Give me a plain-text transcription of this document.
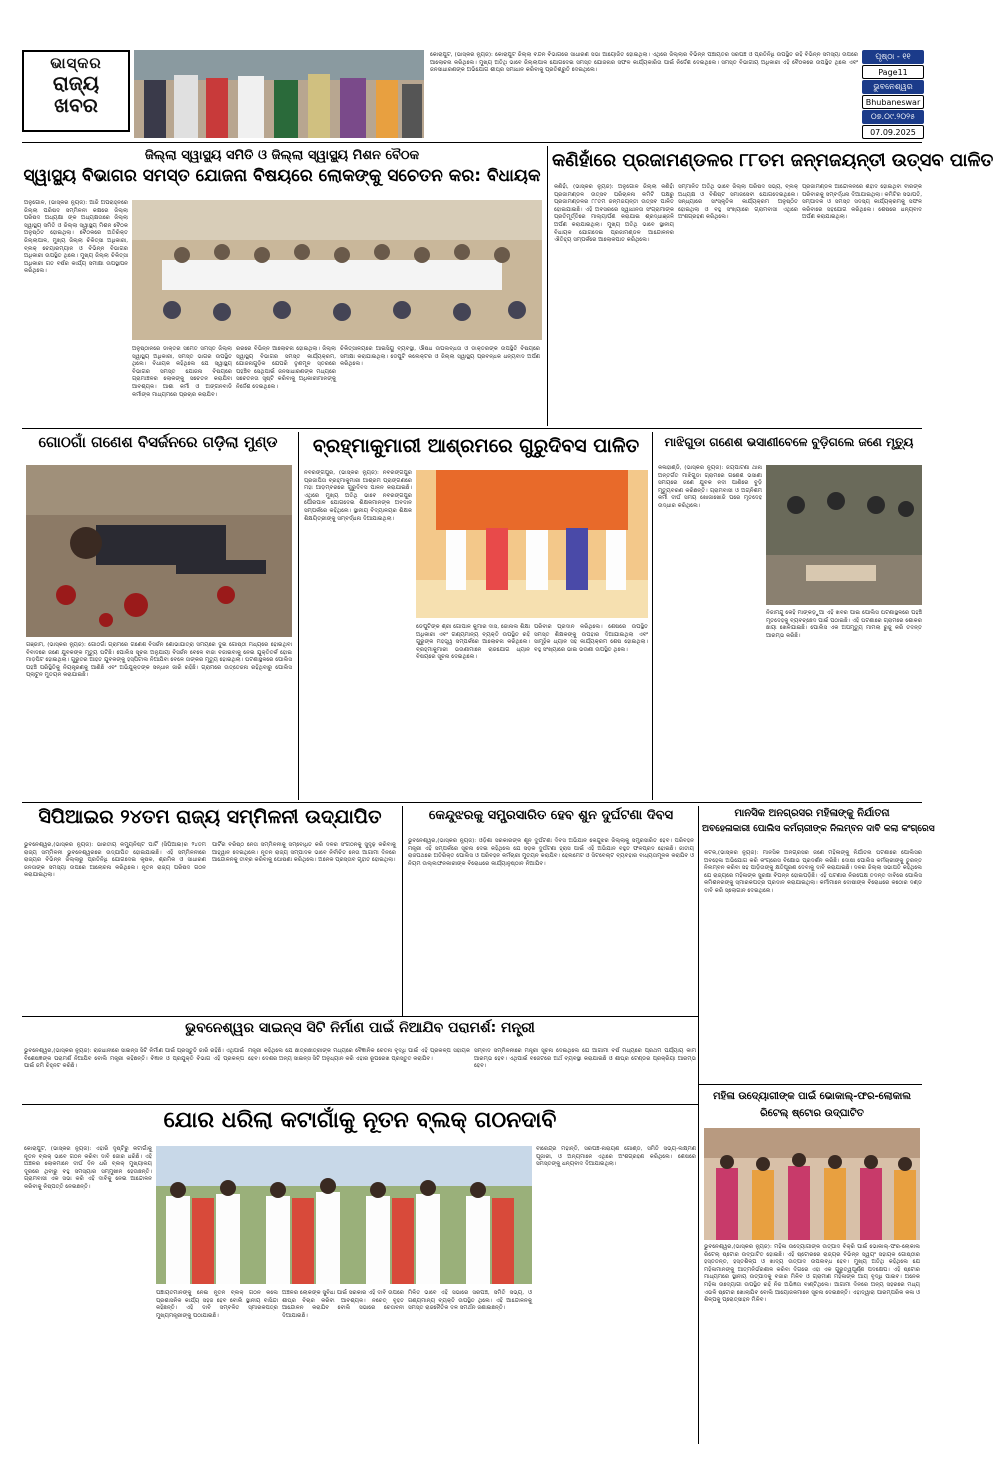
ଭାସ୍କର
ରାଜ୍ୟ
ଖବର
କୋରାପୁଟ, (ଭାସ୍କର ନ୍ୟୁଜ): କୋରାପୁଟ ଜିଲ୍ଲା ବନ୍ଦନ ବିଭାଗରେ ସାଧାରଣ ସଭା ଆୟୋଜିତ ହୋଇଥିଲା। ଏଥିରେ ଜିଲ୍ଲାର ବିଭିନ୍ନ ପଞ୍ଚାୟତର ସରପଞ୍ଚ ଓ ପ୍ରତିନିଧି ଉପସ୍ଥିତ ରହି ବିଭିନ୍ନ ସମସ୍ୟା ଉପରେ ଆଲୋଚନା କରିଥିଲେ। ମୁଖ୍ୟ ଅତିଥି ଭାବେ ଜିଲ୍ଲାପାଳ ଯୋଗଦେଇ ସମସ୍ତ ଯୋଜନାର ସଫଳ କାର୍ଯ୍ୟକାରିତା ପାଇଁ ନିର୍ଦ୍ଦେଶ ଦେଇଥିଲେ। ସମସ୍ତ ବିଭାଗୀୟ ଅଧିକାରୀ ଏହି ବୈଠକରେ ଉପସ୍ଥିତ ଥିଲେ ଏବଂ ଜନସାଧାରଣଙ୍କ ଅଭିଯୋଗ ଶୀଘ୍ର ସମାଧାନ କରିବାକୁ ପ୍ରତିଶ୍ରୁତି ଦେଇଥିଲେ।
ପୃଷ୍ଠା - ୧୧
Page11
ଭୁବନେଶ୍ୱର
Bhubaneswar
୦୭.୦୯.୨୦୨୫
07.09.2025
ଜିଲ୍ଲା ସ୍ୱାସ୍ଥ୍ୟ ସମିତି ଓ ଜିଲ୍ଲା ସ୍ୱାସ୍ଥ୍ୟ ମିଶନ ବୈଠକ
ସ୍ୱାସ୍ଥ୍ୟ ବିଭାଗର ସମସ୍ତ ଯୋଜନା ବିଷୟରେ ଲୋକଙ୍କୁ ସଚେତନ କର: ବିଧାୟକ
ଅନୁଗୋଳ, (ଭାସ୍କର ନ୍ୟୁଜ): ଆଜି ଅପରାହ୍ନରେ ଜିଲ୍ଲା ପରିଷଦ ସମ୍ମିଳନୀ କକ୍ଷରେ ଜିଲ୍ଲା ପରିଷଦ ଅଧ୍ୟକ୍ଷା ଙ୍କ ଅଧ୍ୟକ୍ଷତାରେ ଜିଲ୍ଲା ସ୍ୱାସ୍ଥ୍ୟ ସମିତି ଓ ଜିଲ୍ଲା ସ୍ୱାସ୍ଥ୍ୟ ମିଶନ ବୈଠକ ଅନୁଷ୍ଠିତ ହୋଇଥିଲା। ବୈଠକରେ ଅତିରିକ୍ତ ଜିଲ୍ଲାପାଳ, ମୁଖ୍ୟ ଜିଲ୍ଲା ଚିକିତ୍ସା ଅଧିକାରୀ, ବ୍ଲକ୍ ଚେୟାରମ୍ୟାନ ଓ ବିଭିନ୍ନ ବିଭାଗର ଅଧିକାରୀ ଉପସ୍ଥିତ ଥିଲେ। ମୁଖ୍ୟ ଜିଲ୍ଲା ଚିକିତ୍ସା ଅଧିକାରୀ ଗତ ବର୍ଷର କାର୍ଯ୍ୟ ସମୀକ୍ଷା ଉପସ୍ଥାପନ କରିଥିଲେ।
ଅନୁଷ୍ଠାନରେ ଡାକ୍ତର ସମେତ ସମସ୍ତ ଜିଲ୍ଲା ସ୍ୱାସ୍ଥ୍ୟ ଅଧିକାରୀ, ସମସ୍ତ ଭାଗର ଉପସ୍ଥିତ ଥିଲେ। ବିଧାୟକ କହିଥିଲେ ଯେ ସ୍ୱାସ୍ଥ୍ୟ ବିଭାଗର ସମସ୍ତ ଯୋଜନା ବିଷୟରେ ଗ୍ରାମାଞ୍ଚଳର ଲୋକଙ୍କୁ ସଚେତନ କରାଯିବା ଆବଶ୍ୟକ। ଆଶା କର୍ମୀ ଓ ଅଙ୍ଗନବାଡି କର୍ମୀଙ୍କ ମାଧ୍ୟମରେ ପ୍ରଚାର କରାଯିବ।
ରରରେ ବିଭିନ୍ନ ଆଲୋଚନା ହୋଇଥିଲା। ଜିଲ୍ଲା ସ୍ୱାସ୍ଥ୍ୟ ବିଭାଗର ସମସ୍ତ କାର୍ଯ୍ୟକ୍ରମ, ଯୋଜନାଗୁଡ଼ିକ ଯେପରି ତୃଣମୂଳ ସ୍ତରରେ ପହଞ୍ଚିବ ସେଥିପାଇଁ ଜନସାଧାରଣଙ୍କ ମଧ୍ୟରେ ସଚେତନତା ସୃଷ୍ଟି କରିବାକୁ ଅଧିକାରୀମାନଙ୍କୁ ନିର୍ଦ୍ଦେଶ ଦେଇଥିଲେ।
ଚିକିତ୍ସାଳୟରେ ଆଇସିୟୁ ବ୍ୟବସ୍ଥା, ଔଷଧ ଉପଲବ୍ଧତା ଓ ଡାକ୍ତରଙ୍କ ଉପସ୍ଥିତି ବିଷୟରେ ସମୀକ୍ଷା କରାଯାଇଥିଲା। ଡେପୁଟି କଲେକ୍ଟର ଓ ଜିଲ୍ଲା ସ୍ୱାସ୍ଥ୍ୟ ପ୍ରବନ୍ଧକ ଧନ୍ୟବାଦ ଅର୍ପଣ କରିଥିଲେ।
କଣିହାଁରେ ପ୍ରଜାମଣ୍ଡଳର ୮୮ତମ ଜନ୍ମଜୟନ୍ତୀ ଉତ୍ସବ ପାଳିତ
କଣିହାଁ, (ଭାସ୍କର ନ୍ୟୁଜ): ଅନୁଗୋଳ ଜିଲ୍ଲା କଣିହାଁ ପ୍ରଜାମଣ୍ଡଳ ଉତ୍ସବ ପରିଚାଳନା କମିଟି ପକ୍ଷରୁ ପ୍ରଜାମଣ୍ଡଳର ୮୮ତମ ଜନ୍ମଜୟନ୍ତୀ ଉତ୍ସବ ପାଳିତ ହୋଇଯାଇଛି। ଏହି ଅବସରରେ ସ୍ୱାଧୀନତା ସଂଗ୍ରାମୀଙ୍କ ପ୍ରତିମୂର୍ତ୍ତିରେ ମାଲ୍ୟାର୍ପଣ କରାଯାଇ ଶ୍ରଦ୍ଧାଞ୍ଜଳି ଅର୍ପଣ କରାଯାଇଥିଲା। ମୁଖ୍ୟ ଅତିଥି ଭାବେ ସ୍ଥାନୀୟ ବିଧାୟକ ଯୋଗଦେଇ ପ୍ରଜାମଣ୍ଡଳ ଆନ୍ଦୋଳନର ଐତିହ୍ୟ ସମ୍ପର୍କରେ ଆଲୋକପାତ କରିଥିଲେ।
ସମ୍ମାନିତ ଅତିଥି ଭାବେ ଜିଲ୍ଲା ପରିଷଦ ସଭ୍ୟ, ବ୍ଲକ୍ ଅଧ୍ୟକ୍ଷ ଓ ବିଶିଷ୍ଟ ସମାଜସେବୀ ଯୋଗଦେଇଥିଲେ। ସନ୍ଧ୍ୟାରେ ସାଂସ୍କୃତିକ କାର୍ଯ୍ୟକ୍ରମ ଅନୁଷ୍ଠିତ ହୋଇଥିଲା ଓ ବହୁ ସଂଖ୍ୟାରେ ଗ୍ରାମବାସୀ ଏଥିରେ ଅଂଶଗ୍ରହଣ କରିଥିଲେ।
ପ୍ରଜାମଣ୍ଡଳ ଆନ୍ଦୋଳନରେ ଶହୀଦ ହୋଇଥିବା ବୀରଙ୍କ ପରିବାରକୁ ସମ୍ବର୍ଦ୍ଧନା ଦିଆଯାଇଥିଲା। କମିଟିର ସଭାପତି, ସମ୍ପାଦକ ଓ ସମସ୍ତ ସଦସ୍ୟ କାର୍ଯ୍ୟକ୍ରମକୁ ସଫଳ କରିବାରେ ସହଯୋଗ କରିଥିଲେ। ଶେଷରେ ଧନ୍ୟବାଦ ଅର୍ପଣ କରାଯାଇଥିଲା।
ଗୋଠଗାଁ ଗଣେଶ ବିସର୍ଜନରେ ଗଡ଼ିଲା ମୁଣ୍ଡ
ଗଞ୍ଜାମ, (ଭାସ୍କର ନ୍ୟୁଜ): ଗୋଠଗାଁ ଗ୍ରାମରେ ଗଣେଶ ବିସର୍ଜନ ଶୋଭାଯାତ୍ରା ସମୟରେ ଦୁଇ ଗୋଷ୍ଠୀ ମଧ୍ୟରେ ହୋଇଥିବା ବିବାଦରେ ଜଣେ ଯୁବକଙ୍କ ମୃତ୍ୟୁ ଘଟିଛି। ପୋଲିସ ସୂଚନା ଅନୁଯାୟୀ ବିସର୍ଜନ ବେଳେ ବାଜା ବଜାଇବାକୁ ନେଇ ଯୁକ୍ତିତର୍କ ହୋଇ ମାଡ଼ପିଟ ହୋଇଥିଲା। ଗୁରୁତର ଆହତ ଯୁବକଙ୍କୁ ହସ୍ପିଟାଲ ନିଆଯିବା ବେଳେ ତାଙ୍କର ମୃତ୍ୟୁ ହୋଇଥିଲା। ଘଟଣାସ୍ଥଳରେ ପୋଲିସ ପହଞ୍ଚି ପରିସ୍ଥିତିକୁ ନିୟନ୍ତ୍ରଣକୁ ଆଣିଛି ଏବଂ ଅଭିଯୁକ୍ତଙ୍କ ସନ୍ଧାନ ଜାରି ରହିଛି। ଗ୍ରାମରେ ଉତ୍ତେଜନା ରହିଥିବାରୁ ପୋଲିସ ପ୍ଲାଟୁନ ମୁତୟନ କରାଯାଇଛି।
ବ୍ରହ୍ମାକୁମାରୀ ଆଶ୍ରମରେ ଗୁରୁଦିବସ ପାଳିତ
ନବରଙ୍ଗପୁର, (ଭାସ୍କର ନ୍ୟୁଜ): ନବରଙ୍ଗପୁର ପ୍ରଜାପିତା ବ୍ରହ୍ମାକୁମାରୀ ଆଶ୍ରମ ପ୍ରାଙ୍ଗଣରେ ମହା ଆଡ଼ମ୍ବରରେ ଗୁରୁଦିବସ ପାଳନ କରାଯାଇଛି। ଏଥିରେ ମୁଖ୍ୟ ଅତିଥି ଭାବେ ନବରଙ୍ଗପୁର ପୌରପାଳ ଯୋଗଦେଇ ଶିକ୍ଷକମାନଙ୍କ ଅବଦାନ ସମ୍ପର୍କରେ କହିଥିଲେ। ସ୍ଥାନୀୟ ବିଦ୍ୟାଳୟର ଶିକ୍ଷକ ଶିକ୍ଷୟିତ୍ରୀଙ୍କୁ ସମ୍ବର୍ଦ୍ଧନା ଦିଆଯାଇଥିଲା।
ଡେପୁଟିଙ୍କ ଶ୍ରୀ ଗୋପାଳ କୁମାର ଦାସ, ଜୋନାଲ ଶିକ୍ଷା ଅଧିକାରୀ ଏବଂ ଗଣ୍ୟମାନ୍ୟ ବ୍ୟକ୍ତି ଉପସ୍ଥିତ ରହି ଗୁରୁଙ୍କ ମହତ୍ତ୍ୱ ସମ୍ପର୍କରେ ଆଲୋଚନା କରିଥିଲେ। ବ୍ରହ୍ମାକୁମାରୀ ଭଉଣୀମାନେ ରାଜଯୋଗ ଧ୍ୟାନ ବିଷୟରେ ସୂଚନା ଦେଇଥିଲେ।
ପରିବାର ପ୍ରଦାନ କରିଥିଲେ। ଶେଷରେ ଉପସ୍ଥିତ ସମସ୍ତ ଶିକ୍ଷକଙ୍କୁ ଉପହାର ଦିଆଯାଇଥିଲା ଏବଂ ସାମୂହିକ ଧ୍ୟାନ ସହ କାର୍ଯ୍ୟକ୍ରମ ଶେଷ ହୋଇଥିଲା। ବହୁ ସଂଖ୍ୟାରେ ଭାଇ ଭଉଣୀ ଉପସ୍ଥିତ ଥିଲେ।
ମାଝିଗୁଡା ଗଣେଶ ଭସାଣୀବେଳେ ବୁଡ଼ିଗଲେ ଜଣେ ମୃତ୍ୟୁ
କଳାହାଣ୍ଡି, (ଭାସ୍କର ନ୍ୟୁଜ): ଜୟପାଟଣା ଥାନା ଅନ୍ତର୍ଗତ ମାଝିଗୁଡା ଗ୍ରାମରେ ଗଣେଶ ଭସାଣୀ ସମୟରେ ଜଣେ ଯୁବକ ନଦୀ ପାଣିରେ ବୁଡ଼ି ମୃତ୍ୟୁବରଣ କରିଛନ୍ତି। ଗ୍ରାମବାସୀ ଓ ଅଗ୍ନିଶମ କର୍ମୀ ଦୀର୍ଘ ସମୟ ଖୋଜାଖୋଜି ପରେ ମୃତଦେହ ଉଦ୍ଧାର କରିଥିଲେ।
ନିଜାମନ୍ଦୁ କେହି ମାଙ୍କଡ଼ୁଆ ଏହି ଖବର ପାଇ ପୋଲିସ ଘଟଣାସ୍ଥଳରେ ପହଞ୍ଚି ମୃତଦେହକୁ ବ୍ୟବଚ୍ଛେଦ ପାଇଁ ପଠାଇଛି। ଏହି ଘଟଣାରେ ଗ୍ରାମରେ ଶୋକର ଛାୟା ଖେଳିଯାଇଛି। ପୋଲିସ ଏକ ଅପମୃତ୍ୟୁ ମାମଲା ରୁଜୁ କରି ତଦନ୍ତ ଆରମ୍ଭ କରିଛି।
ସିପିଆଇର ୨୪ତମ ରାଜ୍ୟ ସମ୍ମିଳନୀ ଉଦ୍‌ଯାପିତ
ଭୁବନେଶ୍ୱର,(ଭାସ୍କର ନ୍ୟୁଜ): ଭାରତୀୟ କମ୍ୟୁନିଷ୍ଟ ପାର୍ଟି (ସିପିଆଇ)ର ୨୪ତମ ରାଜ୍ୟ ସମ୍ମିଳନୀ ଭୁବନେଶ୍ୱରରେ ଉଦ୍‌ଯାପିତ ହୋଇଯାଇଛି। ଏହି ସମ୍ମିଳନୀରେ ରାଜ୍ୟର ବିଭିନ୍ନ ଜିଲ୍ଲାରୁ ପ୍ରତିନିଧି ଯୋଗଦେଇ କୃଷକ, ଶ୍ରମିକ ଓ ସାଧାରଣ ଜନତାଙ୍କ ସମସ୍ୟା ଉପରେ ଆଲୋଚନା କରିଥିଲେ। ନୂତନ ରାଜ୍ୟ ପରିଷଦ ଗଠନ କରାଯାଇଥିଲା।
ପାର୍ଟିର ବରିଷ୍ଠ ନେତା ସମ୍ମିଳନୀକୁ ସମ୍ବୋଧିତ କରି ଦଳର ସଂଗଠନକୁ ସୁଦୃଢ଼ କରିବାକୁ ଆହ୍ୱାନ ଦେଇଥିଲେ। ନୂତନ ରାଜ୍ୟ ସମ୍ପାଦକ ଭାବେ ନିର୍ବାଚିତ ନେତା ଆଗାମୀ ଦିନରେ ଆନ୍ଦୋଳନକୁ ତୀବ୍ର କରିବାକୁ ଘୋଷଣା କରିଥିଲେ। ଅନେକ ପ୍ରସ୍ତାବ ଗୃହୀତ ହୋଇଥିଲା।
କେନ୍ଦୁଝରକୁ ସମ୍ପ୍ରସାରିତ ହେବ ଶୁନ ଦୁର୍ଘଟଣା ଦିବସ
ଭୁବନେଶ୍ୱର,(ଭାସ୍କର ନ୍ୟୁଜ): ଓଡ଼ିଶା ସରକାରଙ୍କ ଶୂନ ଦୁର୍ଘଟଣା ଦିବସ ଅଭିଯାନ କେନ୍ଦୁଝର ଜିଲ୍ଲାକୁ ସମ୍ପ୍ରସାରିତ ହେବ। ପରିବହନ ମନ୍ତ୍ରୀ ଏହି ସମ୍ପର୍କରେ ସୂଚନା ଦେଇ କହିଥିଲେ ଯେ ସଡ଼କ ଦୁର୍ଘଟଣା ହ୍ରାସ ପାଇଁ ଏହି ଅଭିଯାନ ବହୁତ ଫଳପ୍ରଦ ହୋଇଛି। ଜାତୀୟ ରାଜପଥରେ ଅତିରିକ୍ତ ପୋଲିସ ଓ ପରିବହନ କର୍ମଚାରୀ ମୁତୟନ କରାଯିବ। ହେଲମେଟ ଓ ସିଟବେଲ୍ଟ ବ୍ୟବହାର ବାଧ୍ୟତାମୂଳକ କରାଯିବ ଓ ନିୟମ ଉଲ୍ଲଙ୍ଘନକାରୀଙ୍କ ବିରୋଧରେ କାର୍ଯ୍ୟାନୁଷ୍ଠାନ ନିଆଯିବ।
ମାନସିକ ଅନଗ୍ରସର ମହିଳାଙ୍କୁ ନିର୍ଯାତନା
ଅବହେଳାକାରୀ ପୋଲିସ କର୍ମଚାରୀଙ୍କ ନିଲମ୍ବନ ଦାବି କଲା କଂଗ୍ରେସ
କଟକ,(ଭାସ୍କର ନ୍ୟୁଜ): ମାନସିକ ଅନଗ୍ରସର ଜଣେ ମହିଳାଙ୍କୁ ନିର୍ଯାତନା ଘଟଣାରେ ପୋଲିସର ଅବହେଳା ଅଭିଯୋଗ କରି କଂଗ୍ରେସ ବିକ୍ଷୋଭ ପ୍ରଦର୍ଶନ କରିଛି। ଦୋଷୀ ପୋଲିସ କର୍ମଚାରୀଙ୍କୁ ତୁରନ୍ତ ନିଲମ୍ବନ କରିବା ସହ ପୀଡ଼ିତାଙ୍କୁ କ୍ଷତିପୂରଣ ଦେବାକୁ ଦାବି କରାଯାଇଛି। ଦଳର ଜିଲ୍ଲା ସଭାପତି କହିଥିଲେ ଯେ ରାଜ୍ୟରେ ମହିଳାଙ୍କ ସୁରକ୍ଷା ବିପନ୍ନ ହୋଇପଡ଼ିଛି। ଏହି ଘଟଣାର ନିରପେକ୍ଷ ତଦନ୍ତ ଦାବିରେ ପୋଲିସ କମିଶନରଙ୍କୁ ସ୍ମାରକପତ୍ର ପ୍ରଦାନ କରାଯାଇଥିଲା। କର୍ମୀମାନେ ଦୋଷୀଙ୍କ ବିରୋଧରେ କଠୋର ଦଣ୍ଡ ଦାବି କରି ସ୍ଲୋଗାନ ଦେଇଥିଲେ।
ଭୁବନେଶ୍ୱର ସାଇନ୍ସ ସିଟି ନିର୍ମାଣ ପାଇଁ ନିଆଯିବ ପରାମର୍ଶ: ମନ୍ତ୍ରୀ
ଭୁବନେଶ୍ୱର,(ଭାସ୍କର ନ୍ୟୁଜ): ରାଜଧାନୀରେ ସାଇନ୍ସ ସିଟି ନିର୍ମାଣ ପାଇଁ ପ୍ରସ୍ତୁତି ଜାରି ରହିଛି। ଏଥିପାଇଁ ବିଶେଷଜ୍ଞଙ୍କ ପରାମର୍ଶ ନିଆଯିବ ବୋଲି ମନ୍ତ୍ରୀ କହିଛନ୍ତି। ବିଜ୍ଞାନ ଓ ପ୍ରଯୁକ୍ତି ବିଭାଗ ଏହି ପ୍ରକଳ୍ପ ପାଇଁ ଜମି ଚିହ୍ନଟ କରିଛି।
ମନ୍ତ୍ରୀ କହିଥିଲେ ଯେ ଛାତ୍ରଛାତ୍ରୀଙ୍କ ମଧ୍ୟରେ ବୈଜ୍ଞାନିକ ଚେତନା ବୃଦ୍ଧି ପାଇଁ ଏହି ପ୍ରକଳ୍ପ ସହାୟକ ହେବ। ଦେଶର ଅନ୍ୟ ସାଇନ୍ସ ସିଟି ଅନୁଧ୍ୟାନ କରି ଏହାର ରୂପରେଖ ପ୍ରସ୍ତୁତ କରାଯିବ।
ସମ୍ବାଦ ସମ୍ମିଳନୀରେ ମନ୍ତ୍ରୀ ସୂଚନା ଦେଇଥିଲେ ଯେ ଆଗାମୀ ବର୍ଷ ମଧ୍ୟରେ ପ୍ରଥମ ପର୍ଯ୍ୟାୟ କାମ ଆରମ୍ଭ ହେବ। ଏଥିପାଇଁ ବଜେଟରେ ଅର୍ଥ ବ୍ୟବସ୍ଥା କରାଯାଇଛି ଓ ଶୀଘ୍ର ଟେଣ୍ଡର ପ୍ରକ୍ରିୟା ଆରମ୍ଭ ହେବ।
ମହିଳା ଉଦ୍ୟୋଗୀଙ୍କ ପାଇଁ ଭୋକାଲ୍-ଫର-ଲୋକାଲ ରିଟେଲ୍ ଷ୍ଟୋର ଉଦ୍‌ଘାଟିତ
ଭୁବନେଶ୍ୱର,(ଭାସ୍କର ନ୍ୟୁଜ): ମହିଳା ଉଦ୍ୟୋଗୀଙ୍କ ଉତ୍ପାଦ ବିକ୍ରି ପାଇଁ ଭୋକାଲ୍-ଫର-ଲୋକାଲ ରିଟେଲ୍ ଷ୍ଟୋର ଉଦ୍‌ଘାଟିତ ହୋଇଛି। ଏହି ଷ୍ଟୋରରେ ରାଜ୍ୟର ବିଭିନ୍ନ ସ୍ୱୟଂ ସହାୟକ ଗୋଷ୍ଠୀର ହସ୍ତତନ୍ତ, ହସ୍ତଶିଳ୍ପ ଓ ଖାଦ୍ୟ ଉତ୍ପାଦ ଉପଲବ୍ଧ ହେବ। ମୁଖ୍ୟ ଅତିଥି କହିଥିଲେ ଯେ ମହିଳାମାନଙ୍କୁ ଆତ୍ମନିର୍ଭରଶୀଳ କରିବା ଦିଗରେ ଏହା ଏକ ଗୁରୁତ୍ୱପୂର୍ଣ୍ଣ ପଦକ୍ଷେପ। ଏହି ଷ୍ଟୋର ମାଧ୍ୟମରେ ସ୍ଥାନୀୟ ଉତ୍ପାଦକୁ ବଜାର ମିଳିବ ଓ ଗ୍ରାମୀଣ ମହିଳାଙ୍କ ଆୟ ବୃଦ୍ଧି ପାଇବ। ଅନେକ ମହିଳା ଉଦ୍ୟୋଗୀ ଉପସ୍ଥିତ ରହି ନିଜ ଅଭିଜ୍ଞତା ବାଣ୍ଟିଥିଲେ। ଆଗାମୀ ଦିନରେ ଅନ୍ୟ ସହରରେ ମଧ୍ୟ ଏଭଳି ଷ୍ଟୋର ଖୋଲାଯିବ ବୋଲି ଆୟୋଜକମାନେ ସୂଚନା ଦେଇଛନ୍ତି। ଏହାଦ୍ୱାରା ପାରମ୍ପରିକ କଳା ଓ ଶିଳ୍ପକୁ ପ୍ରୋତ୍ସାହନ ମିଳିବ।
ଯୋର ଧରିଲା କଟାଗାଁକୁ ନୂତନ ବ୍ଲକ୍ ଗଠନଦାବି
କୋରାପୁଟ, (ଭାସ୍କର ନ୍ୟୁଜ): ଏହାରି ଦୃଷ୍ଟିରୁ କଟାଗାଁକୁ ନୂତନ ବ୍ଲକ୍ ଭାବେ ଗଠନ କରିବା ଦାବି ଜୋର ଧରିଛି। ଏହି ଅଞ୍ଚଳର ଲୋକମାନେ ଦୀର୍ଘ ଦିନ ଧରି ବ୍ଲକ୍ ମୁଖ୍ୟାଳୟ ଦୂରରେ ଥିବାରୁ ବହୁ ସମସ୍ୟାର ସମ୍ମୁଖୀନ ହେଉଛନ୍ତି। ଗ୍ରାମବାସୀ ଏକ ସଭା କରି ଏହି ଦାବିକୁ ନେଇ ଆନ୍ଦୋଳନ କରିବାକୁ ନିଷ୍ପତ୍ତି ନେଇଛନ୍ତି।
ପଞ୍ଚାୟତମାନଙ୍କୁ ନେଇ ନୂତନ ବ୍ଲକ୍ ଗଠନ କଲେ ପ୍ରଶାସନିକ କାର୍ଯ୍ୟ ସହଜ ହେବ ବୋଲି ସ୍ଥାନୀୟ ବାସିନ୍ଦା କହିଛନ୍ତି। ଏହି ଦାବି ସମ୍ବଳିତ ସ୍ମାରକପତ୍ର ମୁଖ୍ୟମନ୍ତ୍ରୀଙ୍କୁ ପଠାଯାଇଛି।
ଅଞ୍ଚଳର ଲୋକଙ୍କ ସୁବିଧା ପାଇଁ ସରକାର ଏହି ଦାବି ଉପରେ ଶୀଘ୍ର ବିଚାର କରିବା ଆବଶ୍ୟକ। ନଚେତ୍ ବୃହତ ଆନ୍ଦୋଳନ କରାଯିବ ବୋଲି ସଭାରେ ଚେତାବନୀ ଦିଆଯାଇଛି।
ମିଳିତ ଭାବେ ଏହି ସଭାରେ ସରପଞ୍ଚ, ସମିତି ସଭ୍ୟ, ଓ ଗଣ୍ୟମାନ୍ୟ ବ୍ୟକ୍ତି ଉପସ୍ଥିତ ଥିଲେ। ଏହି ଆନ୍ଦୋଳନକୁ ସମସ୍ତ ରାଜନୈତିକ ଦଳ ସମର୍ଥନ ଜଣାଇଛନ୍ତି।
ବୀରେନ୍ଦ୍ର ମହାନ୍ତି, ସରପଞ୍ଚ-ନାରାୟଣ ଗୋଣ୍ଡ, ସମିତି ସଭ୍ୟ-ଲକ୍ଷ୍ମଣ ପୂଜାରୀ, ଓ ଅନ୍ୟମାନେ ଏଥିରେ ଅଂଶଗ୍ରହଣ କରିଥିଲେ। ଶେଷରେ ସମସ୍ତଙ୍କୁ ଧନ୍ୟବାଦ ଦିଆଯାଇଥିଲା।
